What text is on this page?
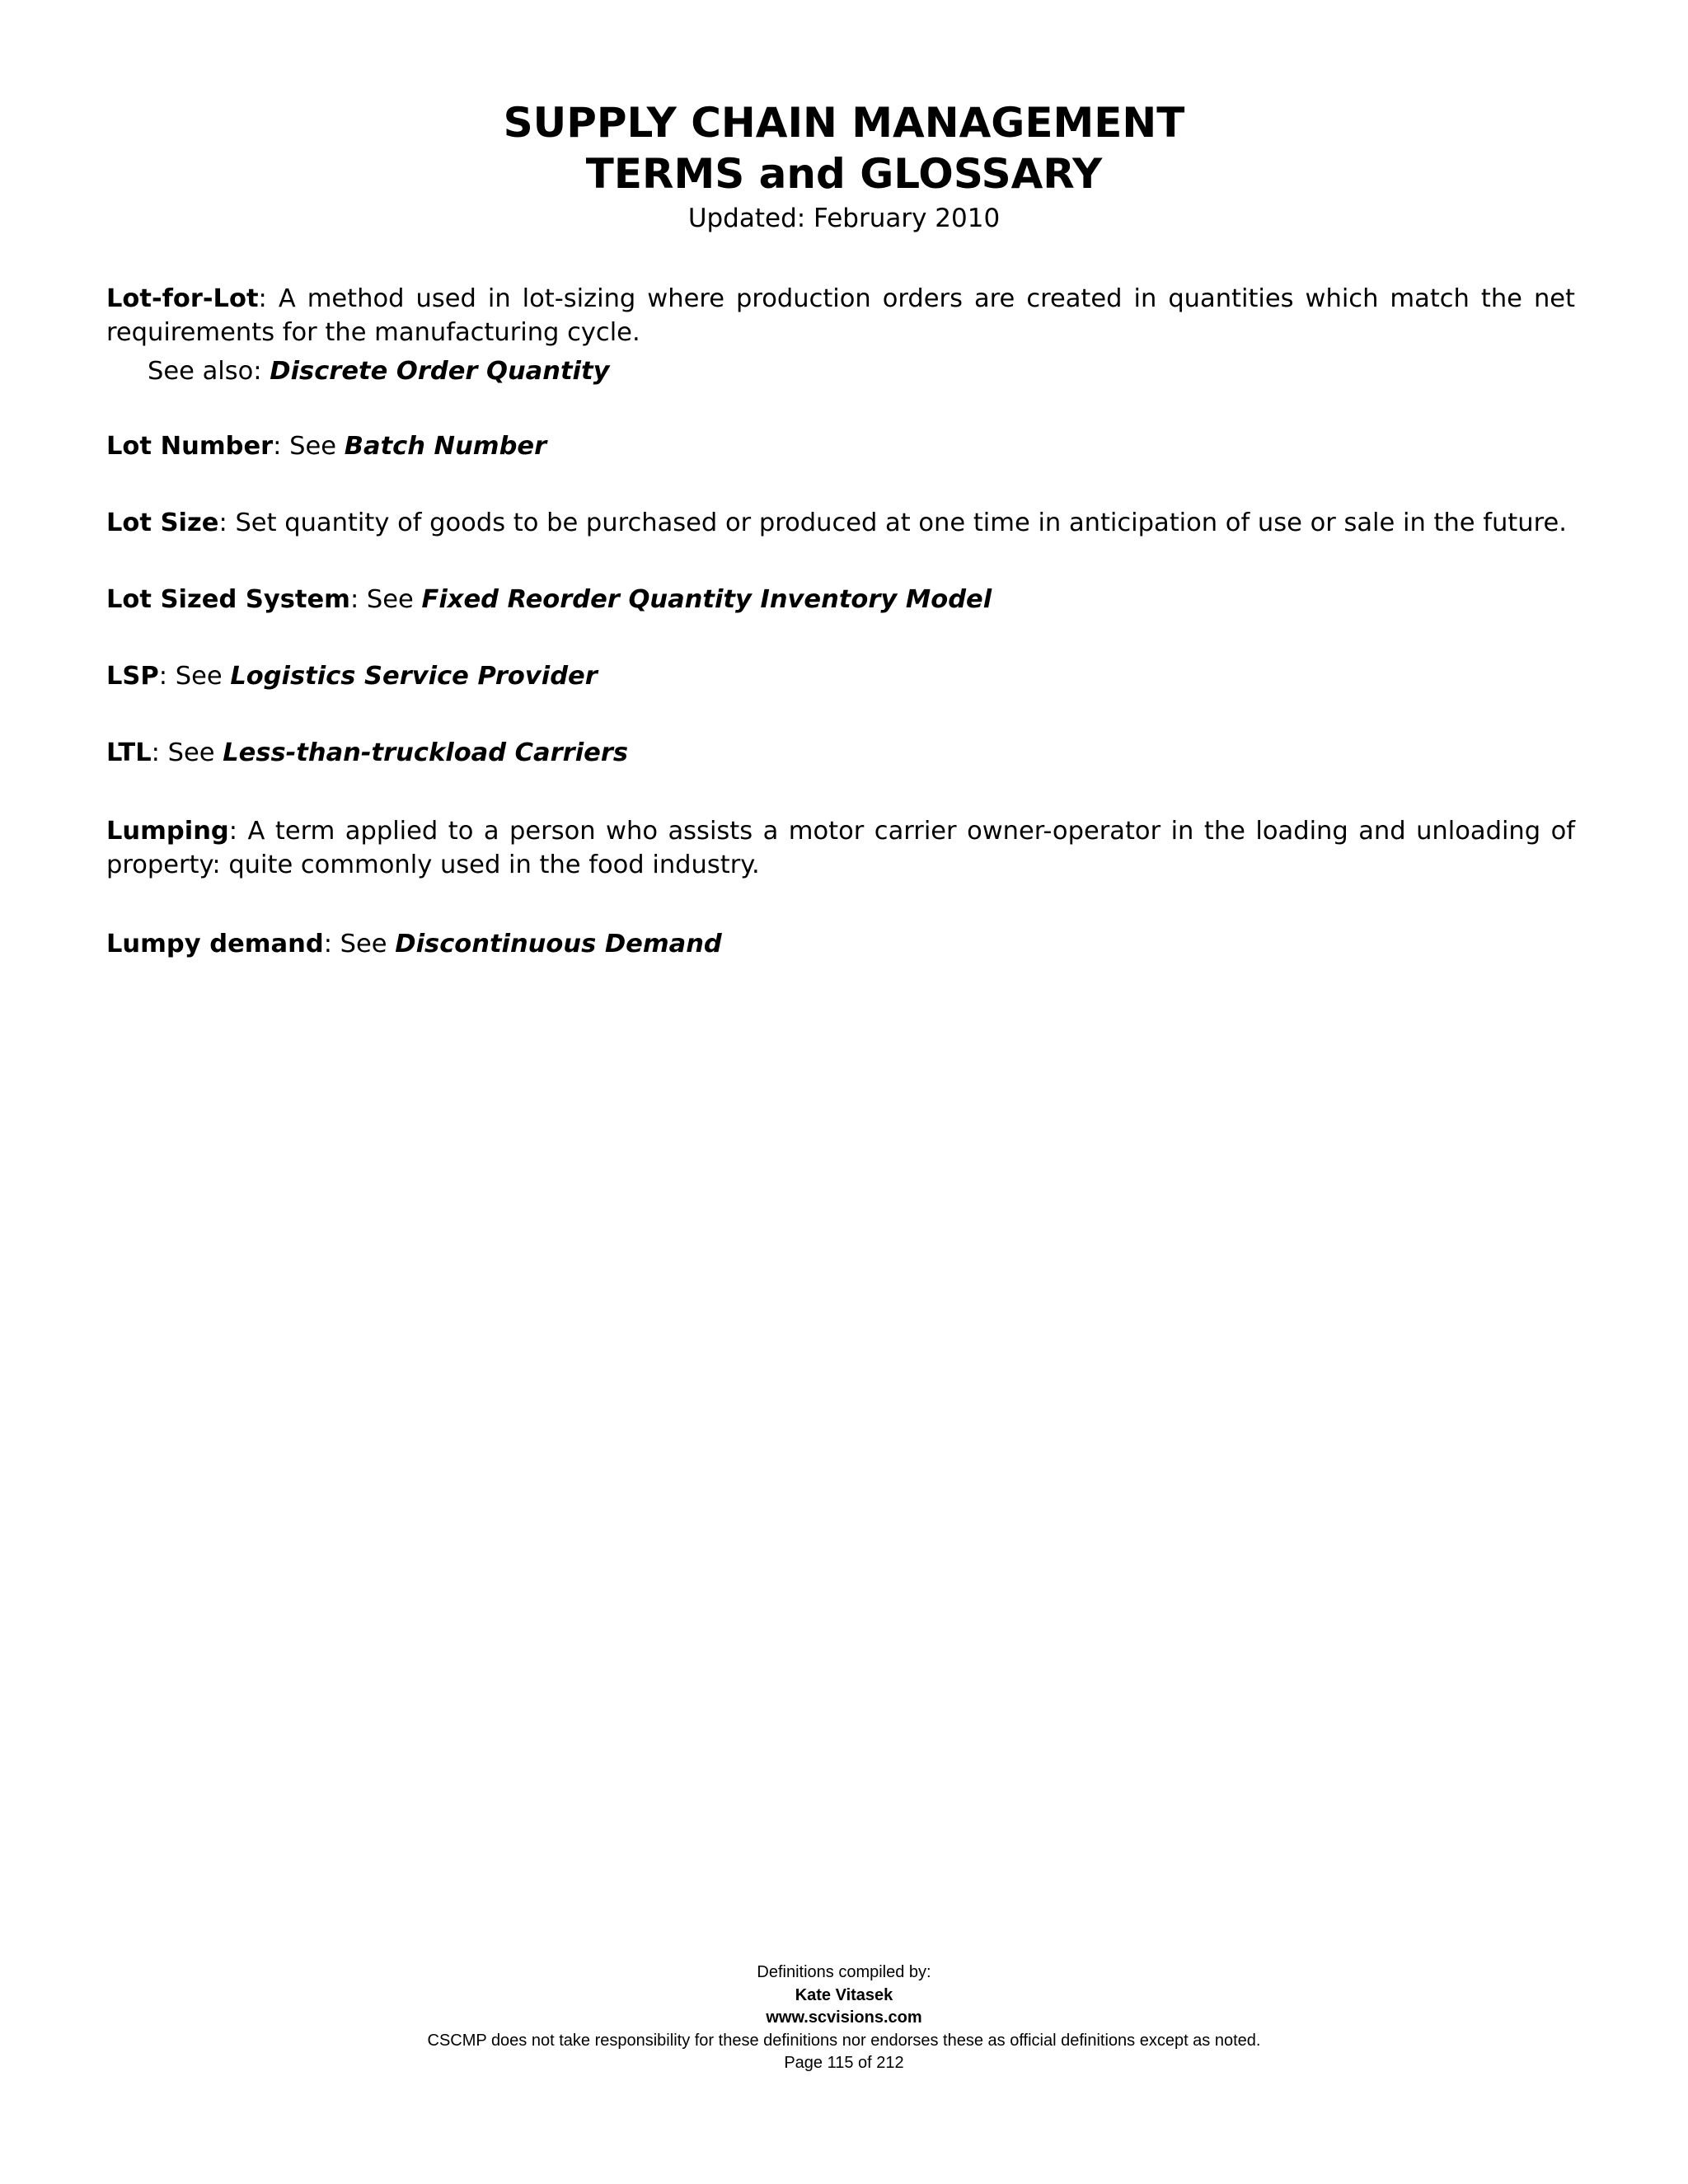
SUPPLY CHAIN MANAGEMENT
TERMS and GLOSSARY
Updated: February 2010
Lot-for-Lot: A method used in lot-sizing where production orders are created in quantities which match the net requirements for the manufacturing cycle.
See also: Discrete Order Quantity
Lot Number: See Batch Number
Lot Size: Set quantity of goods to be purchased or produced at one time in anticipation of use or sale in the future.
Lot Sized System: See Fixed Reorder Quantity Inventory Model
LSP: See Logistics Service Provider
LTL: See Less-than-truckload Carriers
Lumping: A term applied to a person who assists a motor carrier owner-operator in the loading and unloading of property: quite commonly used in the food industry.
Lumpy demand: See Discontinuous Demand
Definitions compiled by:
Kate Vitasek
www.scvisions.com
CSCMP does not take responsibility for these definitions nor endorses these as official definitions except as noted.
Page 115 of 212
